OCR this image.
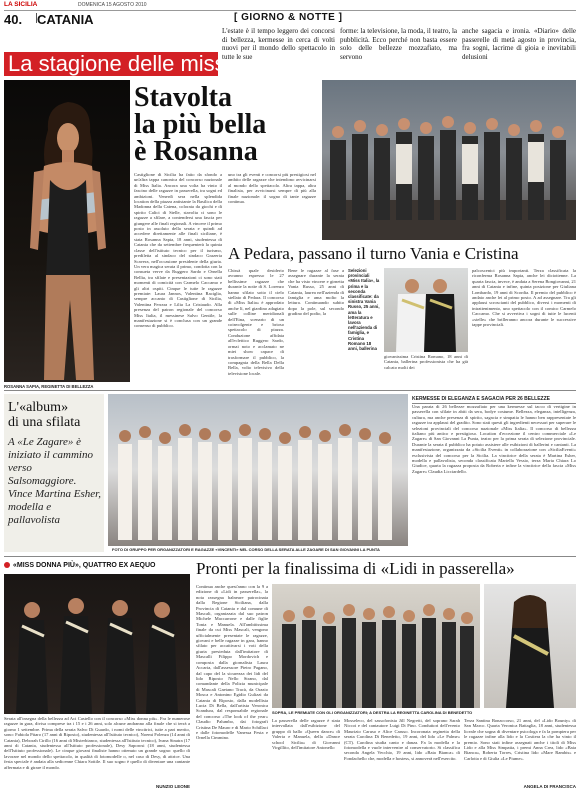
LA SICILIA	DOMENICA 15 AGOSTO 2010
40. CATANIA	[ GIORNO & NOTTE ]
La stagione delle miss
L'estate è il tempo leggero dei concorsi di bellezza, kermesse in cerca di volti nuovi per il mondo dello spettacolo in tutte le sue
forme: la televisione, la moda, il teatro, la pubblicità. Ecco perché non basta essere solo delle bellezze mozzafiato, ma servono
anche sagacia e ironia. «Diario» delle passerelle di metà agosto in provincia, fra sogni, lacrime di gioia e inevitabili delusioni
ROSANNA SAPIA, REGINETTA DI BELLEZZA
Stavolta
la più bella
è Rosanna
Castiglione di Sicilia ha fatto da sfondo a un'altra tappa canonica del concorso nazionale di Miss Italia. Ancora una volta ha vinto il fascino delle ragazze in passerella, tra sogni ed ambizioni. Venerdì sera nella splendida location della piazza antistante la Basilica della Madonna della Catena, colorata da giochi e di spirito Calici di Stelle, stavolta ci sono le ragazze a sfilare, a contendersi una fascia per giungere alle finali regionali. A vincere il primo posto in assoluto della serata e quindi ad accedere direttamente alle finali siciliane, è stata Rosanna Sapia, 18 anni, studentessa di Catania che da settembre frequenterà la quinta classe dell'istituto tecnico per il turismo, prediletta al sindaco del sindaco Grazeria Scavera, nell'occasione presidente della giuria. Un vera magica serata il primo, condotta con la consueta verve da Ruggero Sardo e Ornella Bellia, tra sfilate e presentazioni ci sono stati momenti di comicità con Carmelo Caccamo e gli altri ospiti. Cinque le tutte le ragazze premiate: Laura Jannos, Valentina Raciglia, sempre accanto di Castiglione di Sicilia, Valentina Ferrara e Lilia La Cristaudo. Alla presenza del patron regionale del concorso Miss Italia, il messinese Salvo Gentile, la manifestazione si è conclusa con un grande consenso di pubblico.
uno tra gli eventi e concorsi più prestigiosi nel ambito delle ragazze che intendono avvicinarsi al mondo dello spettacolo. Altra tappa, altra finalista, per avvicinarsi sempre di più alla finale nazionale: il sogno di tante ragazze continua.
A Pedara, passano il turno Vania e Cristina
Chissà quale desiderio avranno espresso le 27 bellissime ragazze che durante la notte di S. Lorenzo hanno sfilato sotto il cielo stellato di Pedara. Il concorso di «Miss Italia» è approdato anche lì, nel giardino adagiato sulle colline meridionali dell'Etna, scenario di un coinvolgente e brioso spettacolo di piazza. Conduzione affidata all'eclettico Ruggero Sardo, ormai noto e acclamato ne miei show capace di trasformare il pubblico, la compagnia della Bella Della Bella, volto televisivo della televisione locale.
Bene le ragazze al fase a assegnare durante la serata che ha visto vincere e girnetta Vania Russo, 25 anni di Catania, laurea nell'azienda di famiglia e ama molto la lettura. Continuando subito dopo la pole, sul secondo gradino del podio, la
Selezioni provinciali «Miss Italia», la prima e la seconda classificate: da sinistra Vania Russo, 25 anni, ama la letteratura e lavora nell'azienda di famiglia, e Cristina Romano 18 anni, ballerina
giovanissima Cristina Romano, 18 anni di Catania, ballerina professionista che ha già calcato molti dei
palcoscenici più importanti. Terza classificata la riconferma Rosanna Sapia, anche lei diciottenne. La quarta fascia, invece, è andata a Serena Bongiovanni, 21 anni di Catania e infine, quinta posizione per Giuliana Lombardo, 19 anni di Scordia. Il premio del pubblico è andato anche lei al primo posto. A ad assegnare. Tra gli applausi scroscianti del pubblico, diversi i momenti di intrattenimento, uno spettacolo con il comico Carmelo Caccamo. Che si avvertiva i sogni di tutte le lucenti «stelle» che brilleranno ancora durante le successive tappe provinciali.
L'«album»
di una sfilata
A «Le Zagare» è iniziato il cammino verso Salsomaggiore. Vince Martina Esher, modella e pallavolista
FOTO DI GRUPPO PER ORGANIZZATORI E RAGAZZE «VINCENTI» NEL CORSO DELLA SERATA ALLE ZAGARE DI SAN GIOVANNI LA PUNTA
KERMESSE DI ELEGANZA E SAGACIA PER 26 BELLEZZE
Una parata di 26 bellezze mozzafiato per una kermesse sul tacco di vertigine in passerella con sfilate in abiti da sera, bodye costume. Bellezza, eleganza, intelligenza, cultura, ma anche presenza di spirito, sagacia e simpatia le hanno ben rappresentate le ragazze tra applausi del gradito. Sono stati questi gli ingredienti necessari per superare le selezioni provinciali del concorso nazionale «Miss Italia». Il concorso di bellezza italiano più antico e prestigioso. Location d'eccezione il centro commerciale «Le Zagare» di San Giovanni La Punta, teatro per la prima serata di selezione provinciale. Durante la serata il pubblico ha potuto assistere alle esibizioni di ballerini e cantanti. La manifestazione, organizzata da «Sicilia Eventi» in collaborazione con «SiciliaEventi» esclusivista del concorso per la Sicilia. La vincitrice della serata è Martina Esher, modella e pallavolista, seconda classificata Mariella Vessio, terza Maria Chiara Lo Giudice, quarta la ragazza proposta da Roberta e infine la vincitrice della fascia «Miss Zagare» Claudia Licciardello.
«MISS DONNA PIÙ», QUATTRO EX AEQUO
Serata all'insegna della bellezza ad Aci Castello con il concorso «Miss donna più». Fra le numerose ragazze in gara, divisa comprese tra i 15 e i 26 anni, solo alcune andranno alla finale che si terrà a giorno 1 settembre. Prima della serata Salvo Di Guardo, i nomi delle vincitrici, tutte a pari merito, sono: Fabiola Pitaro (17 anni di Riposto), studentessa all'Istituto tecnico), Noemi Folenza (14 anni di Catania), Deborah Cirillo (16 anni di Misterbianco, studentessa all'Istituto tecnico), Ivana Sinatra (17 anni di Catania, studentessa all'Istituto professionale), Desy Saporosi (18 anni, studentessa dell'Istituto professionale). Le cinque giovani finaliste hanno ottenuto un grande sogno: quello di lavorare nel mondo dello spettacolo, in qualità di fotomodelle o, nel caso di Desy, di attrice. Una festa speciale è andata alla sedicenne Chiara Sottile. Il suo sogno è quello di diventare una cantante affermata e di girare il mondo.
NUNZIO LEONE
Pronti per la finalissima di «Lidi in passerella»
Continua anche quest'anno con la 9 a edizione di «Lidi in passerella», la nota rassegna balneare patrocinata dalla Regione Siciliana, dalla Provincia di Catania e dal comune di Mascali, organizzata dal suo patron Michele Maccarrone e dalle figlie Tonia e Manuela. All'ambitissima finale da cui Miss Mascali, vengono ufficialmente presentate le ragazze, giovani e belle ragazze in gara, hanno sfilato per accattivarsi i voti della giuria presieduta dall'imitatore di Mascalli Filippo Mordovich e composta dalla giornalista Laura Accaria, dall'assessore Pietro Pagano, dal capo del la sicurezza dei lidi del lido Riposto Nello Strano, dal comandante della Polizia municipale di Mascali Gaetano Tracà, da Orazio Mosca e Antonino Egidio Gulizzi da Catania di Riposto, dalla modellista Lucia Di Bella, dall'artista Veronica Scandura, dal responsabile regionale del concorso «The look of the year» Claudio Palumbo, dai fotografi Cristina De Mauro e di Mario Schillaci e dalle fotomodelle Vanessa Festa e Ornella Cimmino.
SOPRA, LE PREMIATE CON GLI ORGANIZZATORI; A DESTRA LA REGINETTA CAROLINA DI BENEDETTO
La passerella delle ragazze è stata intervallata dall'esibizione del gruppo di ballo «Queen dance» di Valeria e Manuela, della «Dance school Sicilia» di Giovanni Virgillito, dell'imitatore Antonello
Mosseleco, del sassofonista Jill Negretti, del soprano Sarah Niccoi e del cantautore Luigi Di Pino. Conduttori dell'evento Maurizio Caruso e Alice Caruso. Incoronata reginetta della serata Carolina Di Benedetto, 19 anni, del lido «Le Palme» (CT). Carolina studia canto e danza. Fa la modella e la fotomodella e vuole intervenire al conservatorio. Si classifica seconda Angela Vecchio, 19 anni, lido «Baia Bianca» di Fondachello che, modella e hostess, si annoverà nell'esercito.
Terza Santina Bonaccorso, 21 anni, del «Lido Bounty» di San Marco. Quarta Veronica Battaglia, 18 anni, studentessa liceale che sogna di diventare psicologa e fa la pompiera per le ragazze infine alla lido e la Costiera la che ha vinto il premio. Sono stati infine assegnati anche i titoli di Miss Lido e alla Miss Simpatia, i premi Anna Crea, lido «Baia Bianca», Roberta Torres, Cristina lido «Mare Rambis» e Carlotta e di Giulia «Le Piume».
ANGELA DI FRANCISCA
